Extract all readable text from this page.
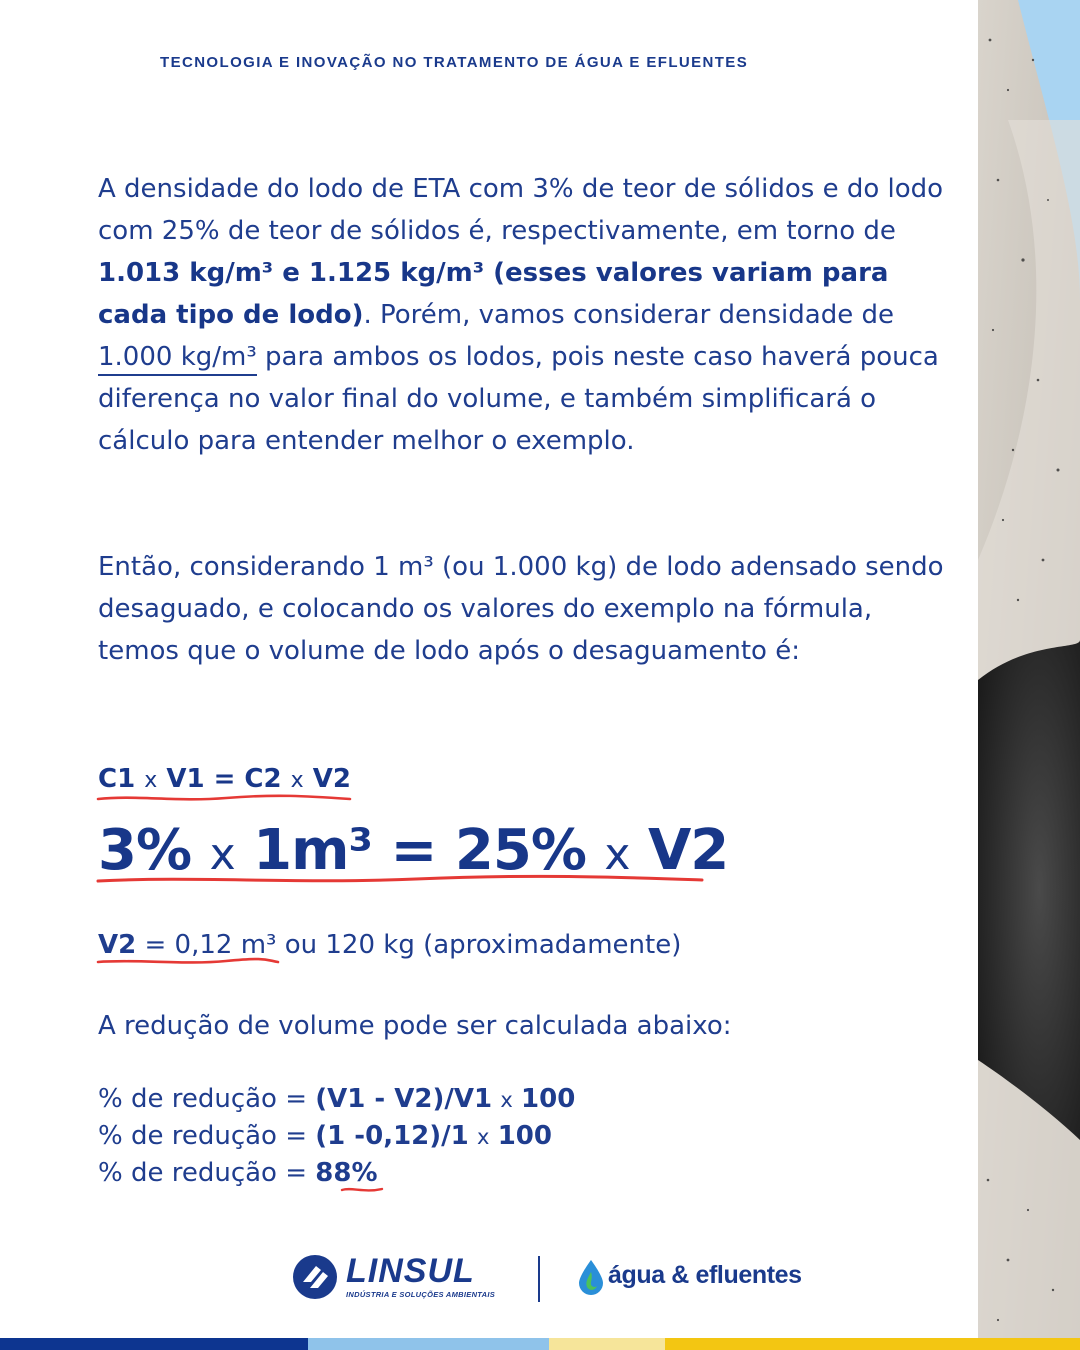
TECNOLOGIA E INOVAÇÃO NO TRATAMENTO DE ÁGUA E EFLUENTES

A densidade do lodo de ETA com 3% de teor de sólidos e do lodo com 25% de teor de sólidos é, respectivamente, em torno de 1.013 kg/m³ e 1.125 kg/m³ (esses valores variam para cada tipo de lodo). Porém, vamos considerar densidade de 1.000 kg/m³ para ambos os lodos, pois neste caso haverá pouca diferença no valor final do volume, e também simplificará o cálculo para entender melhor o exemplo.

Então, considerando 1 m³ (ou 1.000 kg) de lodo adensado sendo desaguado, e colocando os valores do exemplo na fórmula, temos que o volume de lodo após o desaguamento é:

C1 x V1 = C2 x V2
3% x 1m³ = 25% x V2
V2 = 0,12 m³ ou 120 kg (aproximadamente)
A redução de volume pode ser calculada abaixo:
% de redução = (V1 - V2)/V1 x 100
% de redução = (1 -0,12)/1 x 100
% de redução = 88%
LINSUL
INDÚSTRIA E SOLUÇÕES AMBIENTAIS
água & efluentes
